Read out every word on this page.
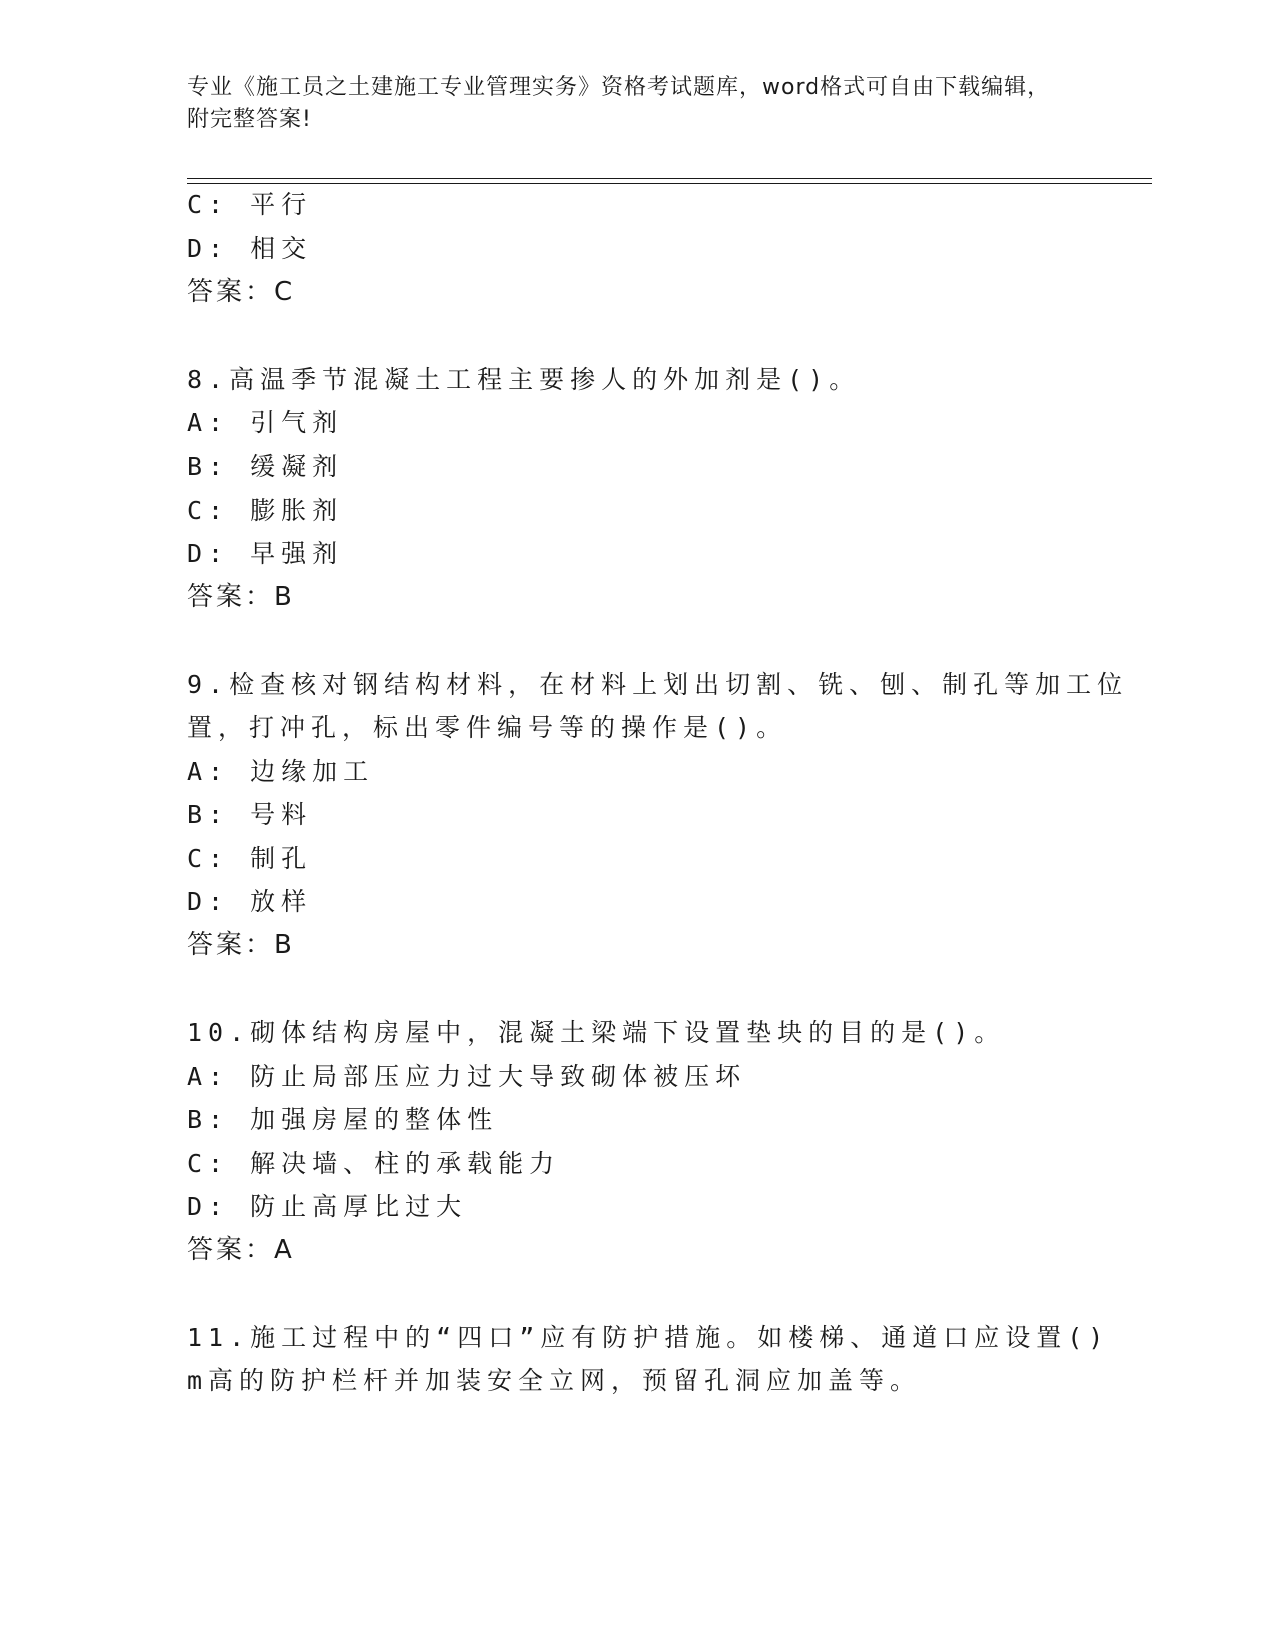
专业《施工员之土建施工专业管理实务》资格考试题库，word格式可自由下载编辑，附完整答案!
C: 平行
D: 相交
答案：C
8.高温季节混凝土工程主要掺人的外加剂是()。
A: 引气剂
B: 缓凝剂
C: 膨胀剂
D: 早强剂
答案：B
9.检查核对钢结构材料，在材料上划出切割、铣、刨、制孔等加工位
置，打冲孔，标出零件编号等的操作是()。
A: 边缘加工
B: 号料
C: 制孔
D: 放样
答案：B
10.砌体结构房屋中，混凝土梁端下设置垫块的目的是()。
A: 防止局部压应力过大导致砌体被压坏
B: 加强房屋的整体性
C: 解决墙、柱的承载能力
D: 防止高厚比过大
答案：A
11.施工过程中的“四口”应有防护措施。如楼梯、通道口应设置()
m高的防护栏杆并加装安全立网，预留孔洞应加盖等。
